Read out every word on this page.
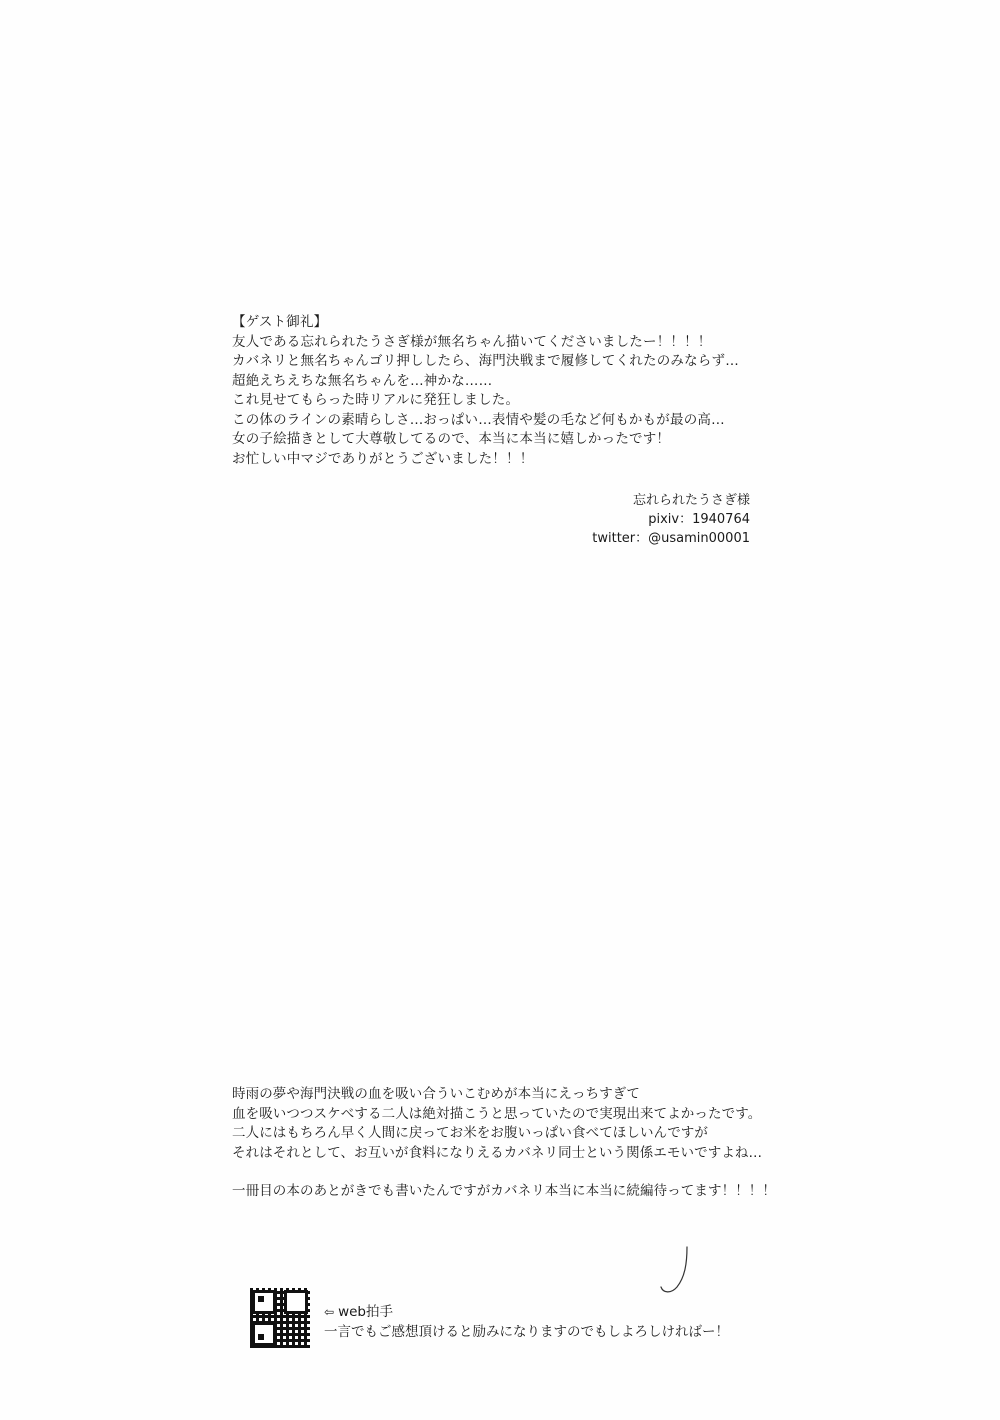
【ゲスト御礼】
友人である忘れられたうさぎ様が無名ちゃん描いてくださいましたー！！！！
カバネリと無名ちゃんゴリ押ししたら、海門決戦まで履修してくれたのみならず…
超絶えちえちな無名ちゃんを…神かな……
これ見せてもらった時リアルに発狂しました。
この体のラインの素晴らしさ…おっぱい…表情や髪の毛など何もかもが最の高…
女の子絵描きとして大尊敬してるので、本当に本当に嬉しかったです！
お忙しい中マジでありがとうございました！！！
忘れられたうさぎ様
pixiv：1940764
twitter：@usamin00001
時雨の夢や海門決戦の血を吸い合ういこむめが本当にえっちすぎて
血を吸いつつスケべする二人は絶対描こうと思っていたので実現出来てよかったです。
二人にはもちろん早く人間に戻ってお米をお腹いっぱい食べてほしいんですが
それはそれとして、お互いが食料になりえるカバネリ同士という関係エモいですよね…
一冊目の本のあとがきでも書いたんですがカバネリ本当に本当に続編待ってます！！！！
⇦ web拍手
一言でもご感想頂けると励みになりますのでもしよろしければー！
